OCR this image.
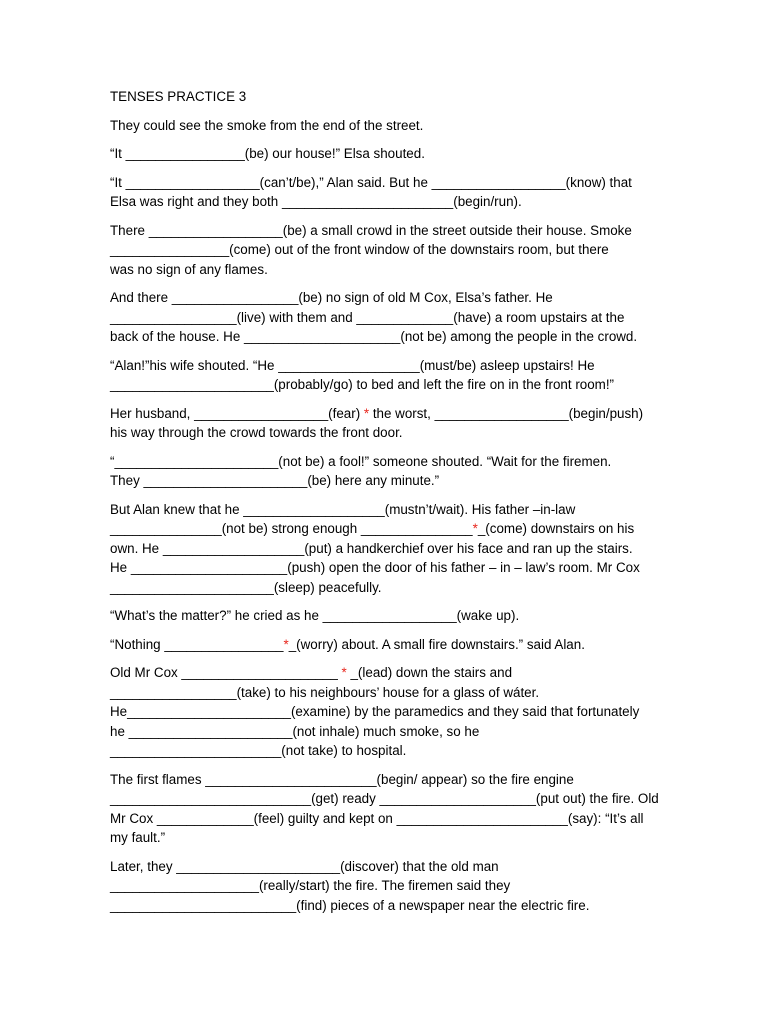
TENSES PRACTICE 3
They could see the smoke from the end of the street.
“It ________________(be) our house!” Elsa shouted.
“It __________________(can’t/be),” Alan said. But he __________________(know) that
Elsa was right and they both _______________________(begin/run).
There __________________(be) a small crowd in the street outside their house. Smoke
________________(come) out of the front window of the downstairs room, but there
was no sign of any flames.
And there _________________(be) no sign of old M Cox, Elsa’s father. He
_________________(live) with them and _____________(have) a room upstairs at the
back of the house. He _____________________(not be) among the people in the crowd.
“Alan!”his wife shouted. “He ___________________(must/be) asleep upstairs! He
______________________(probably/go) to bed and left the fire on in the front room!”
Her husband, __________________(fear) * the worst, __________________(begin/push)
his way through the crowd towards the front door.
“______________________(not be) a fool!” someone shouted. “Wait for the firemen.
They ______________________(be) here any minute.”
But Alan knew that he ___________________(mustn’t/wait). His father –in-law
_______________(not be) strong enough _______________*_(come) downstairs on his
own. He ___________________(put) a handkerchief over his face and ran up the stairs.
He _____________________(push) open the door of his father – in – law’s room. Mr Cox
______________________(sleep) peacefully.
“What’s the matter?” he cried as he __________________(wake up).
“Nothing ________________*_(worry) about. A small fire downstairs.” said Alan.
Old Mr Cox _____________________ * _(lead) down the stairs and
_________________(take) to his neighbours’ house for a glass of wáter.
He______________________(examine) by the paramedics and they said that fortunately
he ______________________(not inhale) much smoke, so he
_______________________(not take) to hospital.
The first flames _______________________(begin/ appear) so the fire engine
___________________________(get) ready _____________________(put out) the fire. Old
Mr Cox _____________(feel) guilty and kept on _______________________(say): “It’s all
my fault.”
Later, they ______________________(discover) that the old man
____________________(really/start) the fire. The firemen said they
_________________________(find) pieces of a newspaper near the electric fire.
